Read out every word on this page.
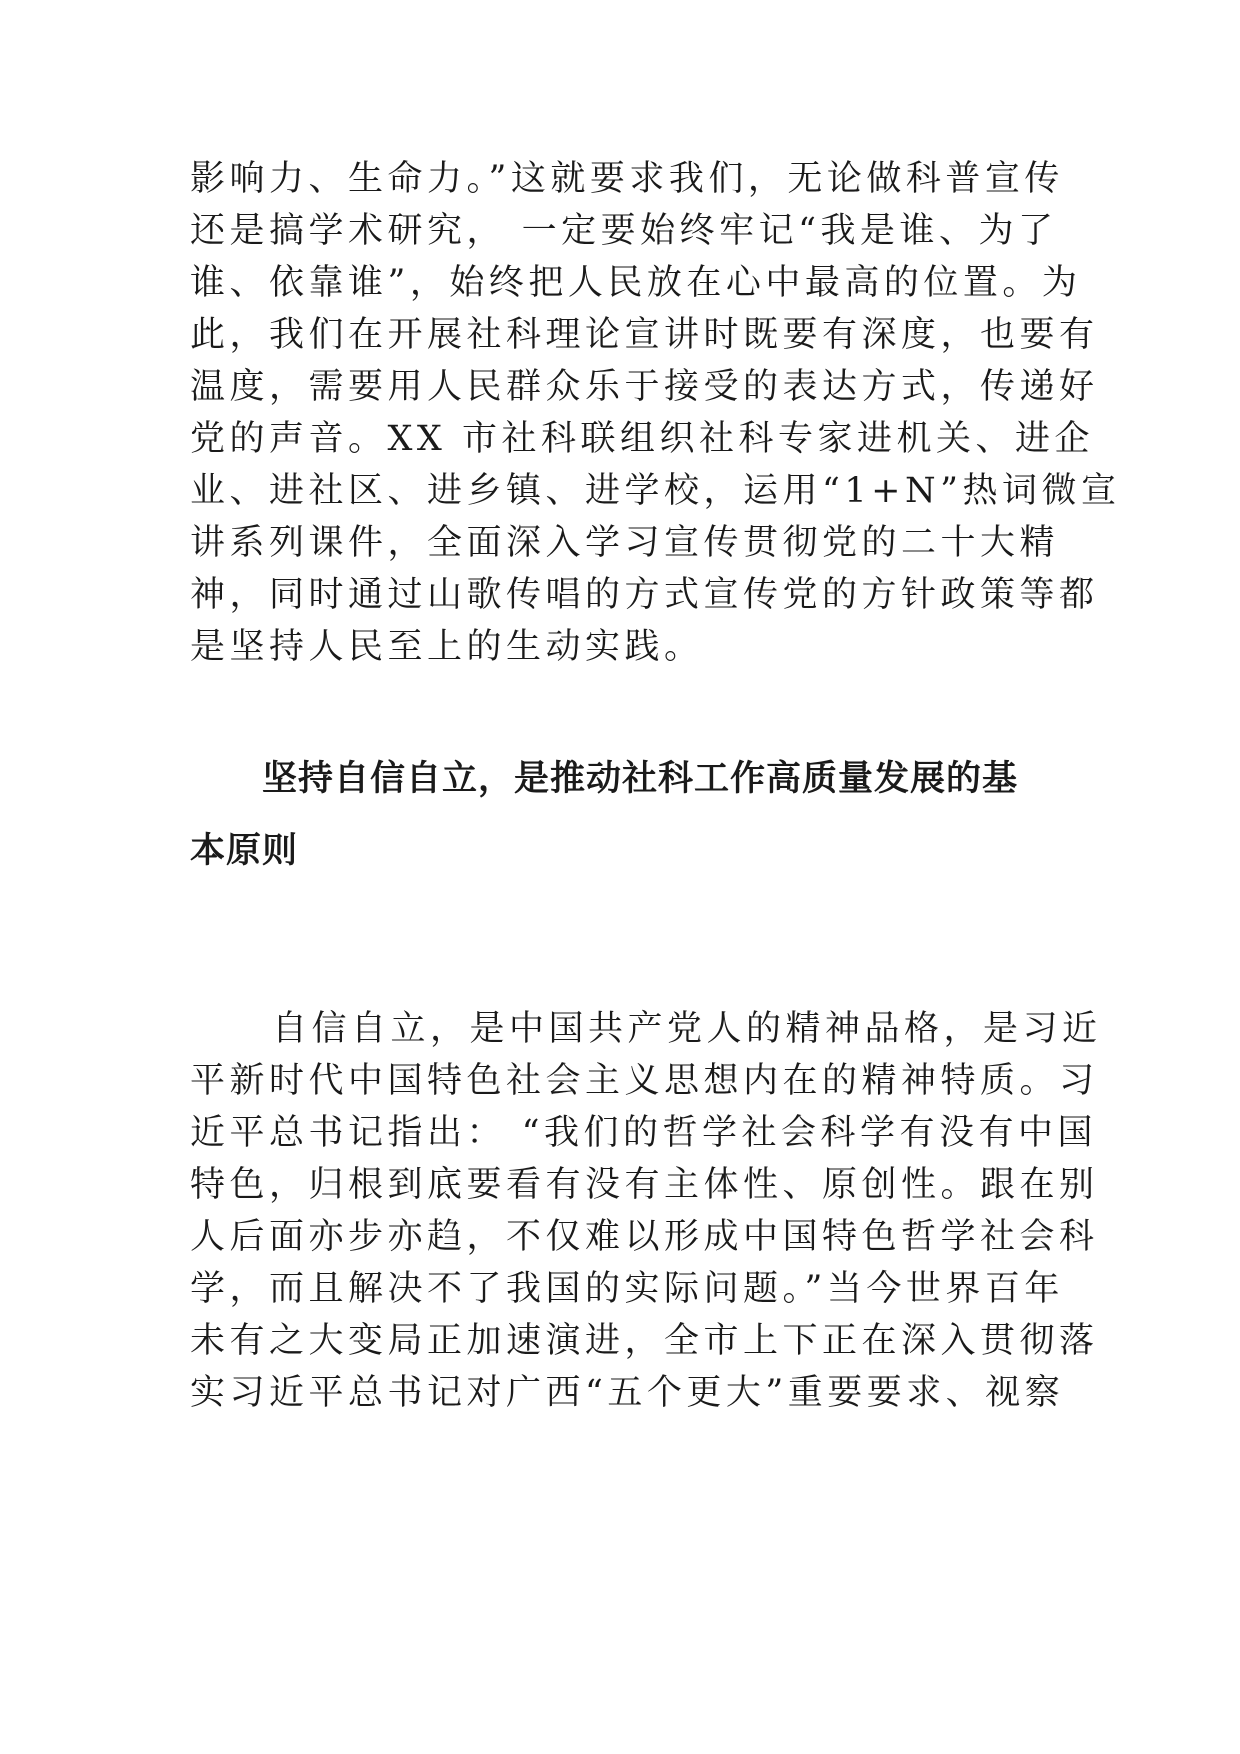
影响力、生命力。”这就要求我们，无论做科普宣传
还是搞学术研究， 一定要始终牢记“我是谁、为了
谁、依靠谁”，始终把人民放在心中最高的位置。为
此，我们在开展社科理论宣讲时既要有深度，也要有
温度，需要用人民群众乐于接受的表达方式，传递好
党的声音。XX 市社科联组织社科专家进机关、进企
业、进社区、进乡镇、进学校，运用“1+N”热词微宣
讲系列课件，全面深入学习宣传贯彻党的二十大精
神，同时通过山歌传唱的方式宣传党的方针政策等都
是坚持人民至上的生动实践。
坚持自信自立，是推动社科工作高质量发展的基
本原则
自信自立，是中国共产党人的精神品格，是习近
平新时代中国特色社会主义思想内在的精神特质。习
近平总书记指出： “我们的哲学社会科学有没有中国
特色，归根到底要看有没有主体性、原创性。跟在别
人后面亦步亦趋，不仅难以形成中国特色哲学社会科
学，而且解决不了我国的实际问题。”当今世界百年
未有之大变局正加速演进，全市上下正在深入贯彻落
实习近平总书记对广西“五个更大”重要要求、视察
